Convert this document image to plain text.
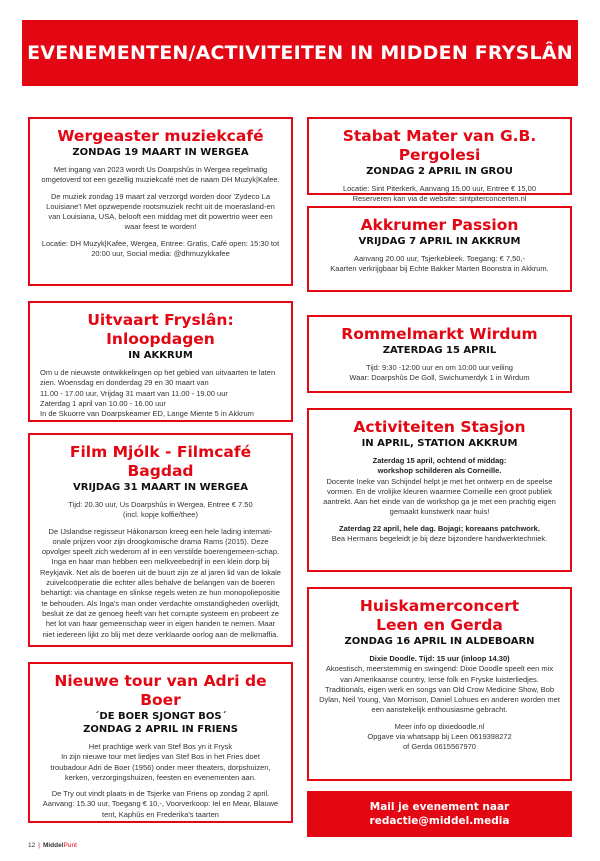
EVENEMENTEN/ACTIVITEITEN IN MIDDEN FRYSLÂN
Wergeaster muziekcafé
ZONDAG 19 MAART IN WERGEA

Met ingang van 2023 wordt Us Doarpshûs in Wergea regelmatig omgetoverd tot een gezellig muziekcafé met de naam DH Muzyk|Kafee.

De muziek zondag 19 maart zal verzorgd worden door 'Zydeco La Louisiane'! Met opzwepende rootsmuziek recht uit de moerasland-en van Louisiana, USA, belooft een middag met dit powertrio weer een waar feest te worden!

Locatie: DH Muzyk|Kafee, Wergea, Entree: Gratis, Café open: 15:30 tot 20:00 uur, Social media: @dhmuzykkafee

Stabat Mater van G.B. Pergolesi
ZONDAG 2 APRIL IN GROU

Locatie: Sint Piterkerk, Aanvang 15.00 uur, Entree € 15,00

Reserveren kan via de website: sintpiterconcerten.nl

Akkrumer Passion
VRIJDAG 7 APRIL IN AKKRUM

Aanvang 20.00 uur, Tsjerkebleek. Toegang: € 7,50,-

Kaarten verkrijgbaar bij Echte Bakker Marten Boonstra in Akkrum.

Uitvaart Fryslân: Inloopdagen
IN AKKRUM

Om u de nieuwste ontwikkelingen op het gebied van uitvaarten te laten zien. Woensdag en donderdag 29 en 30 maart van

11.00 - 17.00 uur, Vrijdag 31 maart van 11.00 - 19.00 uur
Zaterdag 1 april van 10.00 - 16.00 uur
In de Skuorre van Doarpskeamer ED, Lange Miente 5 in Akkrum
Rommelmarkt Wirdum
ZATERDAG 15 APRIL

Tijd: 9:30 -12:00 uur en om 10:00 uur veiling

Waar: Doarpshûs De Goll, Swichumerdyk 1 in Wirdum

Activiteiten Stasjon
IN APRIL, STATION AKKRUM

Zaterdag 15 april, ochtend of middag:

workshop schilderen als Corneille.

Docente Ineke van Schijndel helpt je met het ontwerp en de speelse vormen. En de vrolijke kleuren waarmee Corneille een groot publiek aantrekt. Aan het einde van de workshop ga je met een prachtig eigen gemaakt kunstwerk naar huis!

Zaterdag 22 april, hele dag. Bojagi; koreaans patchwork.

Bea Hermans begeleidt je bij deze bijzondere handwerktechniek.

Film Mjólk - Filmcafé Bagdad
VRIJDAG 31 MAART IN WERGEA

Tijd: 20.30 uur, Us Doarpshûs in Wergea, Entree € 7.50

(incl. kopje koffie/thee)

De IJslandse regisseur Hákonarson kreeg een hele lading internati-onale prijzen voor zijn droogkomische drama Rams (2015). Deze opvolger speelt zich wederom af in een verstilde boerengemeen-schap. Inga en haar man hebben een melkveebedrijf in een klein dorp bij Reykjavik. Net als de boeren uit de buurt zijn ze al jaren lid van de lokale zuivelcoöperatie die echter alles behalve de belangen van de boeren behartigt: via chantage en slinkse regels weten ze hun monopoliepositie te behouden. Als Inga's man onder verdachte omstandigheden overlijdt, besluit ze dat ze genoeg heeft van het corrupte systeem en probeert ze het lot van haar gemeenschap weer in eigen handen te nemen. Maar niet iedereen lijkt zo blij met deze verklaarde oorlog aan de melkmaffia.

Huiskamerconcert
Leen en Gerda
ZONDAG 16 APRIL IN ALDEBOARN

Dixie Doodle. Tijd: 15 uur (inloop 14.30)

Akoestisch, meerstemmig en swingend: Dixie Doodle speelt een mix van Amerikaanse country, Ierse folk en Fryske luisterliedjes. Traditionals, eigen werk en songs van Old Crow Medicine Show, Bob Dylan, Neil Young, Van Morrison, Daniel Lohues en anderen worden met een aanstekelijk enthousiasme gebracht.

Meer info op dixiedoodle.nl

Opgave via whatsapp bij Leen 0619398272

of Gerda 0615567970

Nieuwe tour van Adri de Boer
´DE BOER SJONGT BOS´
ZONDAG 2 APRIL IN FRIENS

Het prachtige werk van Stef Bos yn it Frysk

In zijn nieuwe tour met liedjes van Stef Bos in het Fries doet

troubadour Adri de Boer (1956) onder meer theaters, dorpshuizen,

kerken, verzorgingshuizen, feesten en evenementen aan.

De Try out vindt plaats in de Tsjerke van Friens op zondag 2 april. Aanvang: 15.30 uur, Toegang € 10,-, Voorverkoop: Iel en Mear, Blauwe tent, Kaphûs en Frederika's taarten

Mail je evenement naar
redactie@middel.media
12 | MiddelPunt
